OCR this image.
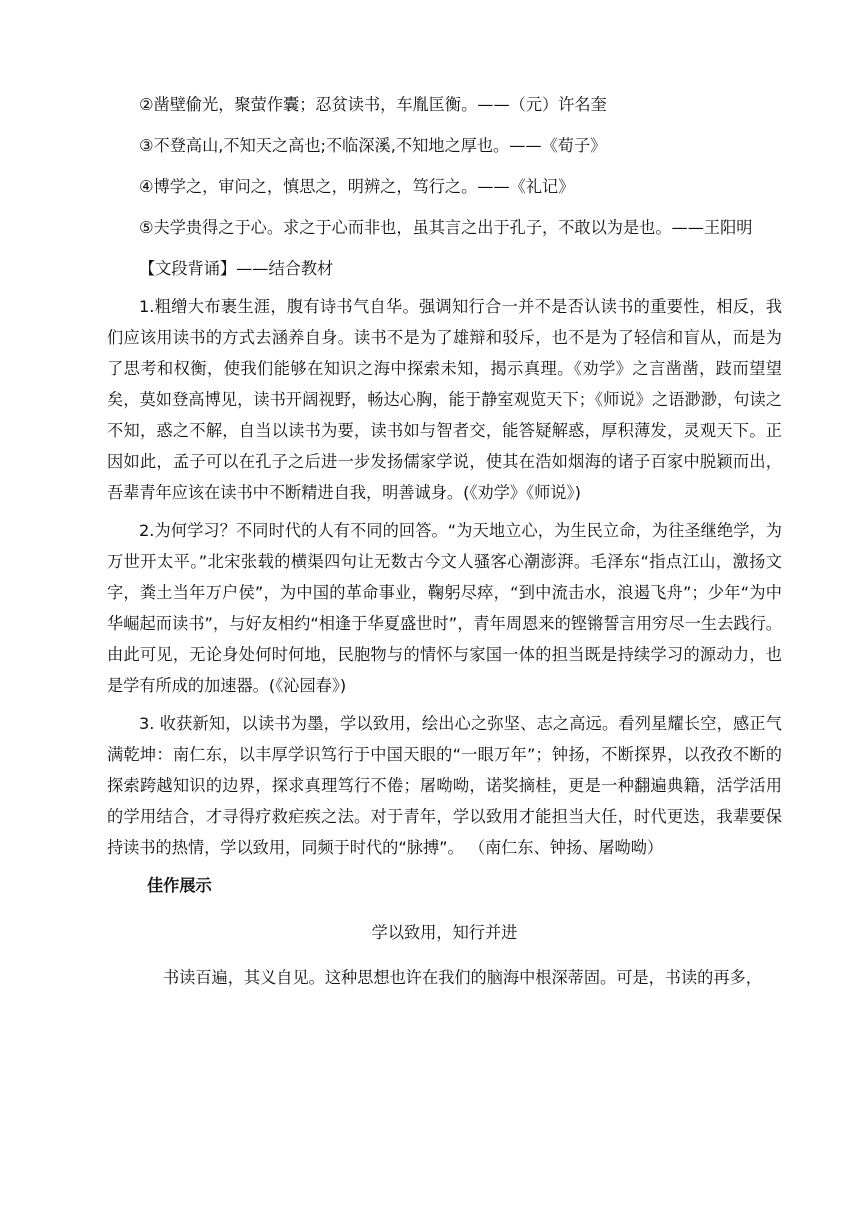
②凿壁偷光，聚萤作囊；忍贫读书，车胤匡衡。——（元）许名奎

③不登高山,不知天之高也;不临深溪,不知地之厚也。——《荀子》

④博学之，审问之，慎思之，明辨之，笃行之。——《礼记》

⑤夫学贵得之于心。求之于心而非也，虽其言之出于孔子，不敢以为是也。——王阳明

【文段背诵】——结合教材

1.粗缯大布裹生涯，腹有诗书气自华。强调知行合一并不是否认读书的重要性，相反，我们应该用读书的方式去涵养自身。读书不是为了雄辩和驳斥，也不是为了轻信和盲从，而是为了思考和权衡，使我们能够在知识之海中探索未知，揭示真理。《劝学》之言凿凿，跂而望望矣，莫如登高博见，读书开阔视野，畅达心胸，能于静室观览天下；《师说》之语渺渺，句读之不知，惑之不解，自当以读书为要，读书如与智者交，能答疑解惑，厚积薄发，灵观天下。正因如此，孟子可以在孔子之后进一步发扬儒家学说，使其在浩如烟海的诸子百家中脱颖而出，吾辈青年应该在读书中不断精进自我，明善诚身。(《劝学》《师说》)

2.为何学习？不同时代的人有不同的回答。“为天地立心，为生民立命，为往圣继绝学，为万世开太平。”北宋张载的横渠四句让无数古今文人骚客心潮澎湃。毛泽东“指点江山，激扬文字，粪土当年万户侯”，为中国的革命事业，鞠躬尽瘁，“到中流击水，浪遏飞舟”；少年“为中华崛起而读书”，与好友相约“相逢于华夏盛世时”，青年周恩来的铿锵誓言用穷尽一生去践行。由此可见，无论身处何时何地，民胞物与的情怀与家国一体的担当既是持续学习的源动力，也是学有所成的加速器。(《沁园春》)

3. 收获新知，以读书为墨，学以致用，绘出心之弥坚、志之高远。看列星耀长空，感正气满乾坤：南仁东，以丰厚学识笃行于中国天眼的“一眼万年”；钟扬，不断探界，以孜孜不断的探索跨越知识的边界，探求真理笃行不倦；屠呦呦，诺奖摘桂，更是一种翻遍典籍，活学活用的学用结合，才寻得疗救疟疾之法。对于青年，学以致用才能担当大任，时代更迭，我辈要保持读书的热情，学以致用，同频于时代的“脉搏”。 （南仁东、钟扬、屠呦呦）

佳作展示

学以致用，知行并进

书读百遍，其义自见。这种思想也许在我们的脑海中根深蒂固。可是，书读的再多，
